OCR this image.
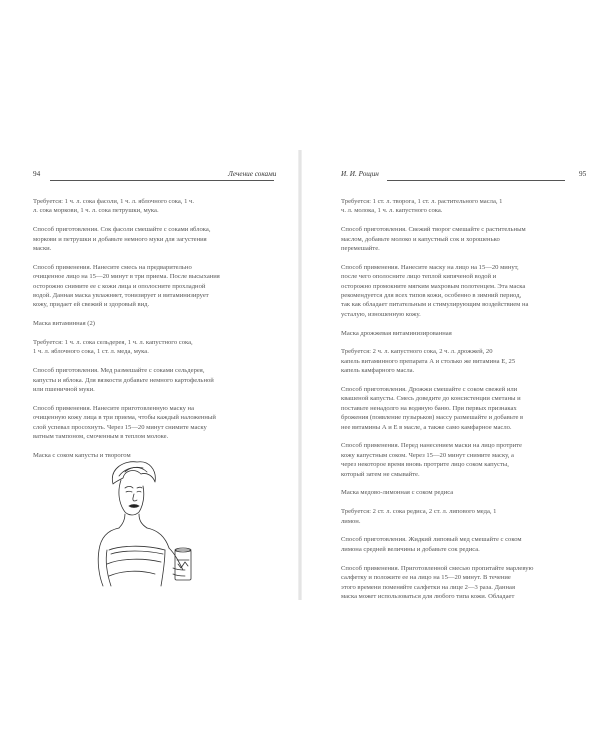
94	Лечение соками

Требуется: 1 ч. л. сока фасоли, 1 ч. л. яблочного сока, 1 ч.
л. сока моркови, 1 ч. л. сока петрушки, мука.

Способ приготовления. Сок фасоли смешайте с соками яблока,
моркови и петрушки и добавьте немного муки для загустения
маски.

Способ применения. Нанесите смесь на предварительно
очищенное лицо на 15—20 минут в три приема. После высыхания
осторожно снимите ее с кожи лица и ополосните прохладной
водой. Данная маска увлажняет, тонизирует и витаминизирует
кожу, придает ей свежий и здоровый вид.

Маска витаминная (2)

Требуется: 1 ч. л. сока сельдерея, 1 ч. л. капустного сока,
1 ч. л. яблочного сока, 1 ст. л. меда, мука.

Способ приготовления. Мед размешайте с соками сельдерея,
капусты и яблока. Для вязкости добавьте немного картофельной
или пшеничной муки.

Способ применения. Нанесите приготовленную маску на
очищенную кожу лица в три приема, чтобы каждый наложенный
слой успевал просохнуть. Через 15—20 минут снимите маску
ватным тампоном, смоченным в теплом молоке.

Маска с соком капусты и творогом

И. И. Рощин	95

Требуется: 1 ст. л. творога, 1 ст. л. растительного масла, 1
ч. л. молока, 1 ч. л. капустного сока.

Способ приготовления. Свежий творог смешайте с растительным
маслом, добавьте молоко и капустный сок и хорошенько
перемешайте.

Способ применения. Нанесите маску на лицо на 15—20 минут,
после чего ополосните лицо теплой кипяченой водой и
осторожно промокните мягким махровым полотенцем. Эта маска
рекомендуется для всех типов кожи, особенно в зимний период,
так как обладает питательным и стимулирующим воздействием на
усталую, изношенную кожу.

Маска дрожжевая витаминизированная

Требуется: 2 ч. л. капустного сока, 2 ч. л. дрожжей, 20
капель витаминного препарата А и столько же витамина Е, 25
капель камфарного масла.

Способ приготовления. Дрожжи смешайте с соком свежей или
квашеной капусты. Смесь доведите до консистенции сметаны и
поставьте ненадолго на водяную баню. При первых признаках
брожения (появление пузырьков) массу размешайте и добавьте в
нее витамины А и Е в масле, а также само камфарное масло.

Способ применения. Перед нанесением маски на лицо протрите
кожу капустным соком. Через 15—20 минут снимите маску, а
через некоторое время вновь протрите лицо соком капусты,
который затем не смывайте.

Маска медово-лимонная с соком редиса

Требуется: 2 ст. л. сока редиса, 2 ст. л. липового меда, 1
лимон.

Способ приготовления. Жидкий липовый мед смешайте с соком
лимона средней величины и добавьте сок редиса.

Способ применения. Приготовленной смесью пропитайте марлевую
салфетку и положите ее на лицо на 15—20 минут. В течение
этого времени поменяйте салфетки на лице 2—3 раза. Данная
маска может использоваться для любого типа кожи. Обладает
